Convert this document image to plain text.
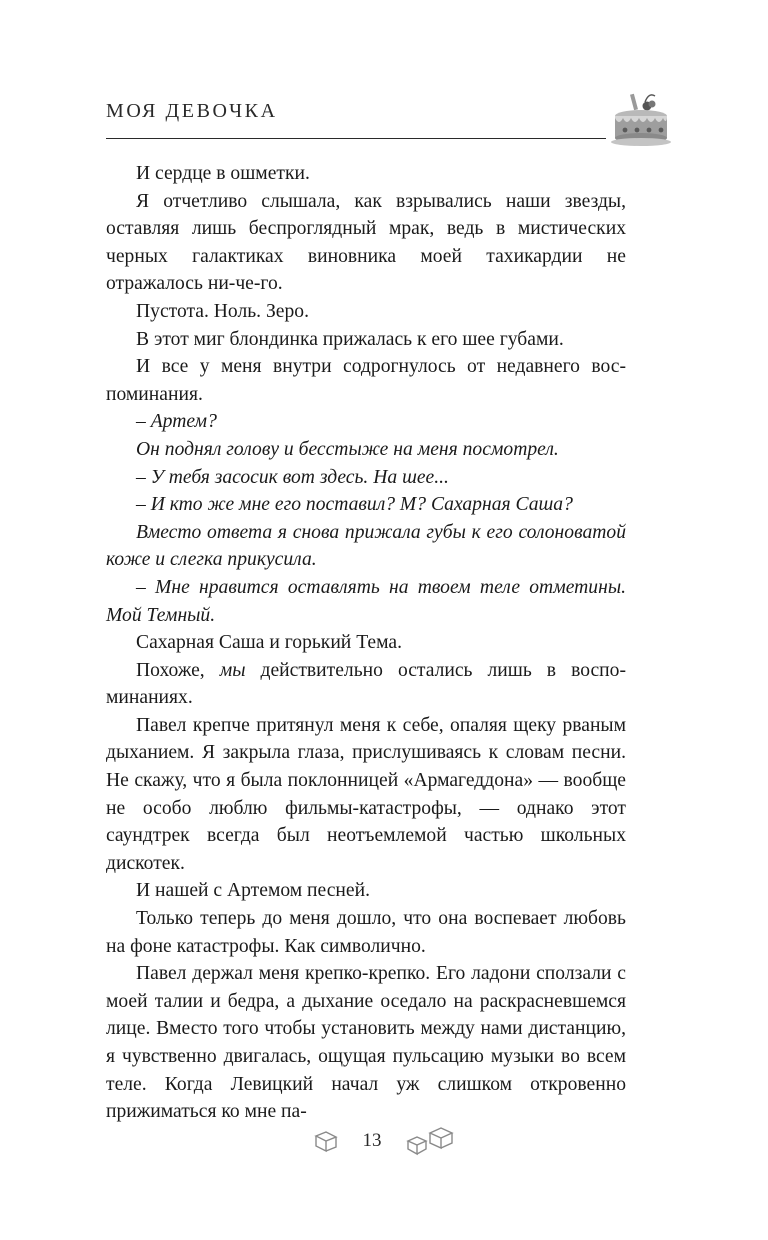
МОЯ ДЕВОЧКА

И сердце в ошметки.

Я отчетливо слышала, как взрывались наши звезды, оставляя лишь беспроглядный мрак, ведь в мистических черных галактиках виновника моей тахикардии не отражалось ни-че-го.

Пустота. Ноль. Зеро.

В этот миг блондинка прижалась к его шее губами.

И все у меня внутри содрогнулось от недавнего воспоминания.

– Артем?

Он поднял голову и бесстыже на меня посмотрел.

– У тебя засосик вот здесь. На шее...

– И кто же мне его поставил? М? Сахарная Саша?

Вместо ответа я снова прижала губы к его солоноватой коже и слегка прикусила.

– Мне нравится оставлять на твоем теле отметины. Мой Темный.

Сахарная Саша и горький Тема.

Похоже, мы действительно остались лишь в воспоминаниях.

Павел крепче притянул меня к себе, опаляя щеку рваным дыханием. Я закрыла глаза, прислушиваясь к словам песни. Не скажу, что я была поклонницей «Армагеддона» — вообще не особо люблю фильмы-катастрофы, — однако этот саундтрек всегда был неотъемлемой частью школьных дискотек.

И нашей с Артемом песней.

Только теперь до меня дошло, что она воспевает любовь на фоне катастрофы. Как символично.

Павел держал меня крепко-крепко. Его ладони сползали с моей талии и бедра, а дыхание оседало на раскрасневшемся лице. Вместо того чтобы установить между нами дистанцию, я чувственно двигалась, ощущая пульсацию музыки во всем теле. Когда Левицкий начал уж слишком откровенно прижиматься ко мне па-

13
